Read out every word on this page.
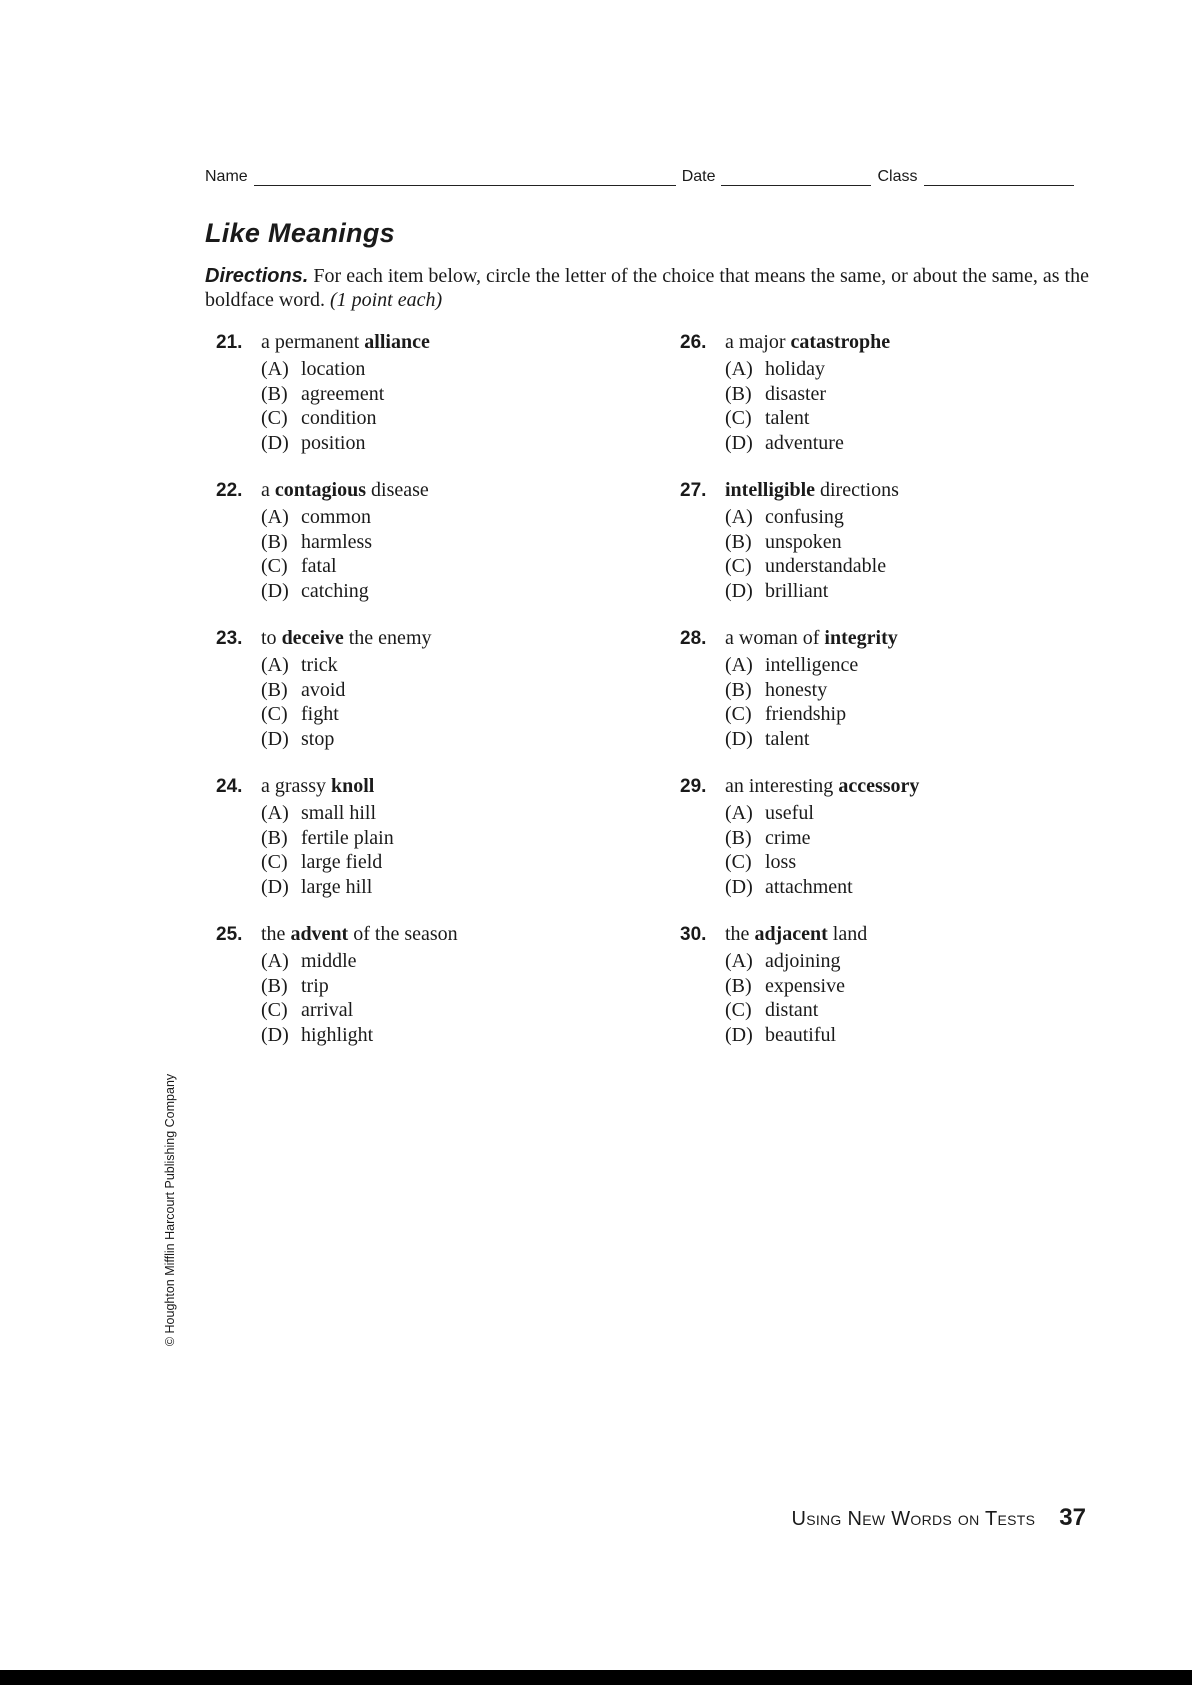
Name	Date	Class
Like Meanings

Directions. For each item below, circle the letter of the choice that means the same, or about the same, as the boldface word. (1 point each)

21. a permanent alliance
(A) location
(B) agreement
(C) condition
(D) position
22. a contagious disease
(A) common
(B) harmless
(C) fatal
(D) catching
23. to deceive the enemy
(A) trick
(B) avoid
(C) fight
(D) stop
24. a grassy knoll
(A) small hill
(B) fertile plain
(C) large field
(D) large hill
25. the advent of the season
(A) middle
(B) trip
(C) arrival
(D) highlight
26. a major catastrophe
(A) holiday
(B) disaster
(C) talent
(D) adventure
27. intelligible directions
(A) confusing
(B) unspoken
(C) understandable
(D) brilliant
28. a woman of integrity
(A) intelligence
(B) honesty
(C) friendship
(D) talent
29. an interesting accessory
(A) useful
(B) crime
(C) loss
(D) attachment
30. the adjacent land
(A) adjoining
(B) expensive
(C) distant
(D) beautiful
© Houghton Mifflin Harcourt Publishing Company
Using New Words on Tests 37
